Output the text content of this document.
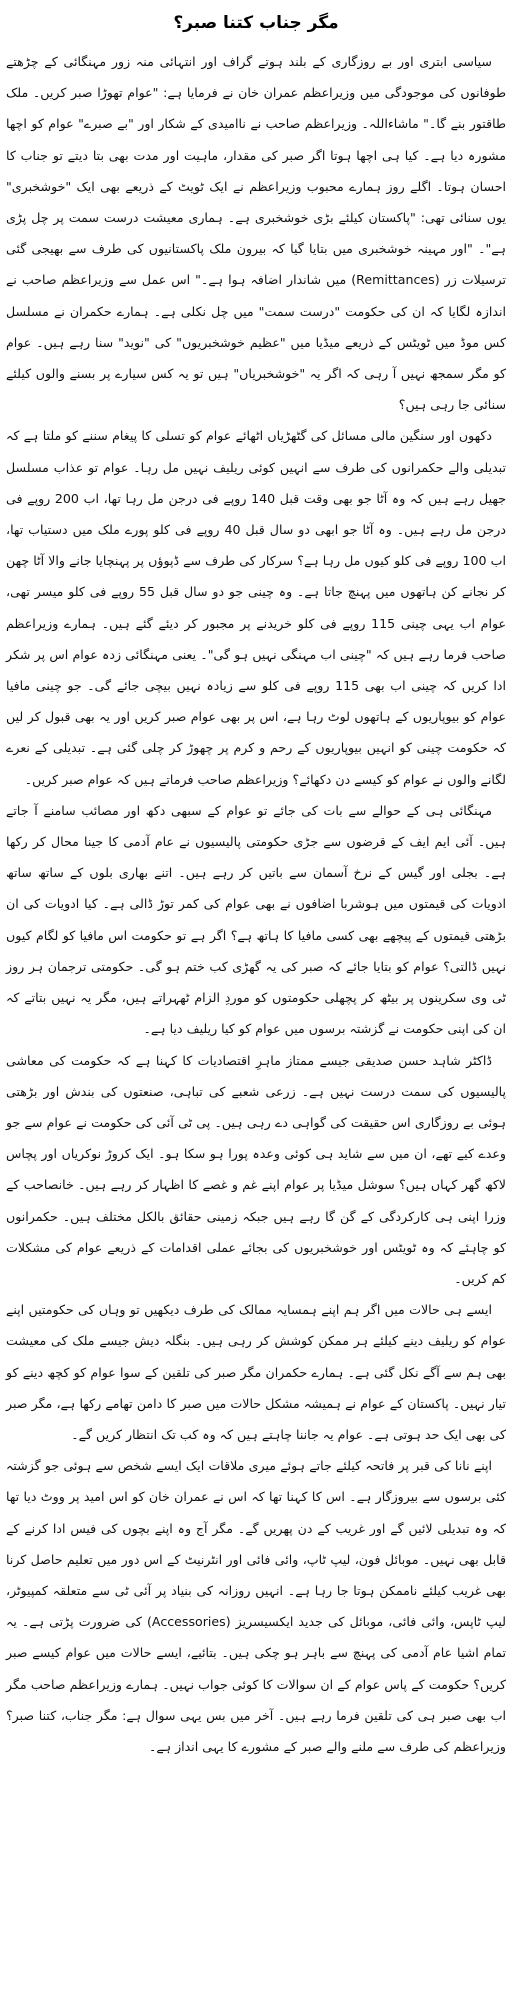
مگر جناب کتنا صبر؟

سیاسی ابتری اور بے روزگاری کے بلند ہوتے گراف اور انتہائی منہ زور مہنگائی کے چڑھتے طوفانوں کی موجودگی میں وزیراعظم عمران خان نے فرمایا ہے: "عوام تھوڑا صبر کریں۔ ملک طاقتور بنے گا۔" ماشاءاللہ۔ وزیراعظم صاحب نے ناامیدی کے شکار اور "بے صبرے" عوام کو اچھا مشورہ دیا ہے۔ کیا ہی اچھا ہوتا اگر صبر کی مقدار، ماہیت اور مدت بھی بتا دیتے تو جناب کا احسان ہوتا۔ اگلے روز ہمارے محبوب وزیراعظم نے ایک ٹویٹ کے ذریعے بھی ایک "خوشخبری" یوں سنائی تھی: "پاکستان کیلئے بڑی خوشخبری ہے۔ ہماری معیشت درست سمت پر چل پڑی ہے"۔ "اور مہینہ خوشخبری میں بتایا گیا کہ بیرون ملک پاکستانیوں کی طرف سے بھیجی گئی ترسیلات زر (Remittances) میں شاندار اضافہ ہوا ہے۔" اس عمل سے وزیراعظم صاحب نے اندازہ لگایا کہ ان کی حکومت "درست سمت" میں چل نکلی ہے۔ ہمارے حکمران نے مسلسل کس موڈ میں ٹویٹس کے ذریعے میڈیا میں "عظیم خوشخبریوں" کی "نوید" سنا رہے ہیں۔ عوام کو مگر سمجھ نہیں آ رہی کہ اگر یہ "خوشخبریاں" ہیں تو یہ کس سیارے پر بسنے والوں کیلئے سنائی جا رہی ہیں؟

دکھوں اور سنگین مالی مسائل کی گٹھڑیاں اٹھائے عوام کو تسلی کا پیغام سننے کو ملتا ہے کہ تبدیلی والے حکمرانوں کی طرف سے انہیں کوئی ریلیف نہیں مل رہا۔ عوام تو عذاب مسلسل جھیل رہے ہیں کہ وہ آٹا جو بھی وقت قبل 140 روپے فی درجن مل رہا تھا، اب 200 روپے فی درجن مل رہے ہیں۔ وہ آٹا جو ابھی دو سال قبل 40 روپے فی کلو پورے ملک میں دستیاب تھا، اب 100 روپے فی کلو کیوں مل رہا ہے؟ سرکار کی طرف سے ڈپوؤں پر پہنچایا جانے والا آٹا چھن کر نجانے کن ہاتھوں میں پہنچ جاتا ہے۔ وہ چینی جو دو سال قبل 55 روپے فی کلو میسر تھی، عوام اب یہی چینی 115 روپے فی کلو خریدنے پر مجبور کر دیئے گئے ہیں۔ ہمارے وزیراعظم صاحب فرما رہے ہیں کہ "چینی اب مہنگی نہیں ہو گی"۔ یعنی مہنگائی زدہ عوام اس پر شکر ادا کریں کہ چینی اب بھی 115 روپے فی کلو سے زیادہ نہیں بیچی جائے گی۔ جو چینی مافیا عوام کو بیوپاریوں کے ہاتھوں لوٹ رہا ہے، اس پر بھی عوام صبر کریں اور یہ بھی قبول کر لیں کہ حکومت چینی کو انہیں بیوپاریوں کے رحم و کرم پر چھوڑ کر چلی گئی ہے۔ تبدیلی کے نعرے لگانے والوں نے عوام کو کیسے دن دکھائے؟ وزیراعظم صاحب فرماتے ہیں کہ عوام صبر کریں۔

مہنگائی ہی کے حوالے سے بات کی جائے تو عوام کے سبھی دکھ اور مصائب سامنے آ جاتے ہیں۔ آئی ایم ایف کے قرضوں سے جڑی حکومتی پالیسیوں نے عام آدمی کا جینا محال کر رکھا ہے۔ بجلی اور گیس کے نرخ آسمان سے باتیں کر رہے ہیں۔ اتنے بھاری بلوں کے ساتھ ساتھ ادویات کی قیمتوں میں ہوشربا اضافوں نے بھی عوام کی کمر توڑ ڈالی ہے۔ کیا ادویات کی ان بڑھتی قیمتوں کے پیچھے بھی کسی مافیا کا ہاتھ ہے؟ اگر ہے تو حکومت اس مافیا کو لگام کیوں نہیں ڈالتی؟ عوام کو بتایا جائے کہ صبر کی یہ گھڑی کب ختم ہو گی۔ حکومتی ترجمان ہر روز ٹی وی سکرینوں پر بیٹھ کر پچھلی حکومتوں کو موردِ الزام ٹھہراتے ہیں، مگر یہ نہیں بتاتے کہ ان کی اپنی حکومت نے گزشتہ برسوں میں عوام کو کیا ریلیف دیا ہے۔

ڈاکٹر شاہد حسن صدیقی جیسے ممتاز ماہرِ اقتصادیات کا کہنا ہے کہ حکومت کی معاشی پالیسیوں کی سمت درست نہیں ہے۔ زرعی شعبے کی تباہی، صنعتوں کی بندش اور بڑھتی ہوئی بے روزگاری اس حقیقت کی گواہی دے رہی ہیں۔ پی ٹی آئی کی حکومت نے عوام سے جو وعدے کیے تھے، ان میں سے شاید ہی کوئی وعدہ پورا ہو سکا ہو۔ ایک کروڑ نوکریاں اور پچاس لاکھ گھر کہاں ہیں؟ سوشل میڈیا پر عوام اپنے غم و غصے کا اظہار کر رہے ہیں۔ خانصاحب کے وزرا اپنی ہی کارکردگی کے گن گا رہے ہیں جبکہ زمینی حقائق بالکل مختلف ہیں۔ حکمرانوں کو چاہئے کہ وہ ٹویٹس اور خوشخبریوں کی بجائے عملی اقدامات کے ذریعے عوام کی مشکلات کم کریں۔

ایسے ہی حالات میں اگر ہم اپنے ہمسایہ ممالک کی طرف دیکھیں تو وہاں کی حکومتیں اپنے عوام کو ریلیف دینے کیلئے ہر ممکن کوشش کر رہی ہیں۔ بنگلہ دیش جیسے ملک کی معیشت بھی ہم سے آگے نکل گئی ہے۔ ہمارے حکمران مگر صبر کی تلقین کے سوا عوام کو کچھ دینے کو تیار نہیں۔ پاکستان کے عوام نے ہمیشہ مشکل حالات میں صبر کا دامن تھامے رکھا ہے، مگر صبر کی بھی ایک حد ہوتی ہے۔ عوام یہ جاننا چاہتے ہیں کہ وہ کب تک انتظار کریں گے۔

اپنے نانا کی قبر پر فاتحہ کیلئے جاتے ہوئے میری ملاقات ایک ایسے شخص سے ہوئی جو گزشتہ کئی برسوں سے بیروزگار ہے۔ اس کا کہنا تھا کہ اس نے عمران خان کو اس امید پر ووٹ دیا تھا کہ وہ تبدیلی لائیں گے اور غریب کے دن پھریں گے۔ مگر آج وہ اپنے بچوں کی فیس ادا کرنے کے قابل بھی نہیں۔ موبائل فون، لیپ ٹاپ، وائی فائی اور انٹرنیٹ کے اس دور میں تعلیم حاصل کرنا بھی غریب کیلئے ناممکن ہوتا جا رہا ہے۔ انہیں روزانہ کی بنیاد پر آئی ٹی سے متعلقہ کمپیوٹر، لیپ ٹاپس، وائی فائی، موبائل کی جدید ایکسیسریز (Accessories) کی ضرورت پڑتی ہے۔ یہ تمام اشیا عام آدمی کی پہنچ سے باہر ہو چکی ہیں۔ بتائیے، ایسے حالات میں عوام کیسے صبر کریں؟ حکومت کے پاس عوام کے ان سوالات کا کوئی جواب نہیں۔ ہمارے وزیراعظم صاحب مگر اب بھی صبر ہی کی تلقین فرما رہے ہیں۔ آخر میں بس یہی سوال ہے: مگر جناب، کتنا صبر؟ وزیراعظم کی طرف سے ملنے والے صبر کے مشورے کا یہی انداز ہے۔
